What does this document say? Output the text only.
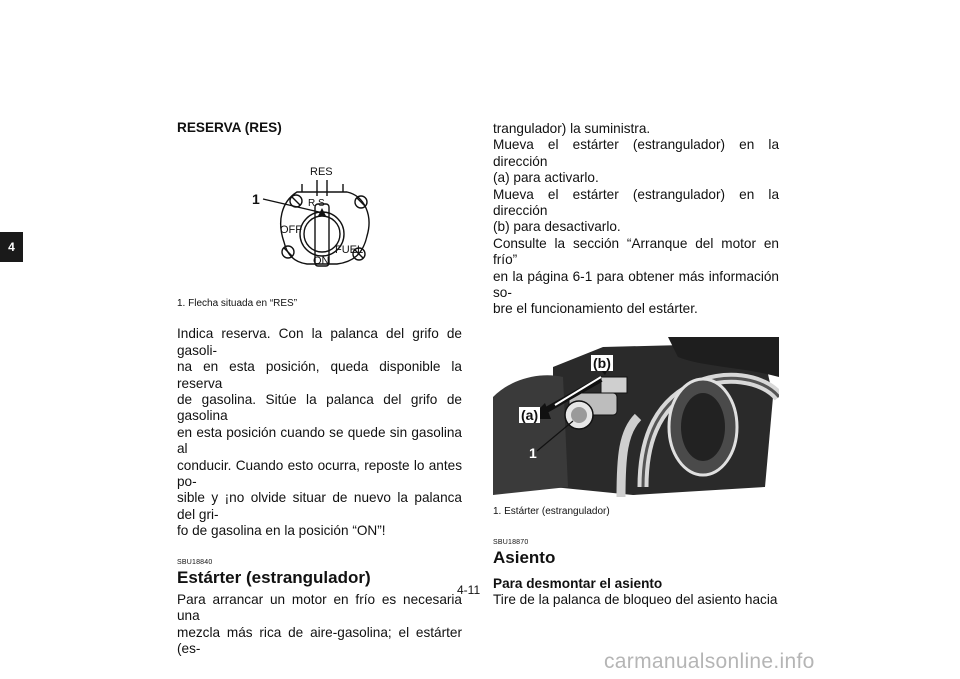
4
RESERVA (RES)
RES
R S
OFF
FUEL
ON
1
1. Flecha situada en “RES”
Indica reserva. Con la palanca del grifo de gasoli-
na en esta posición, queda disponible la reserva
de gasolina. Sitúe la palanca del grifo de gasolina
en esta posición cuando se quede sin gasolina al
conducir. Cuando esto ocurra, reposte lo antes po-
sible y ¡no olvide situar de nuevo la palanca del gri-
fo de gasolina en la posición “ON”!
SBU18840
Estárter (estrangulador)
Para arrancar un motor en frío es necesaria una
mezcla más rica de aire-gasolina; el estárter (es-
trangulador) la suministra.
Mueva el estárter (estrangulador) en la dirección
(a) para activarlo.
Mueva el estárter (estrangulador) en la dirección
(b) para desactivarlo.
Consulte la sección “Arranque del motor en frío”
en la página 6-1 para obtener más información so-
bre el funcionamiento del estárter.
(b)
(a)
1
1. Estárter (estrangulador)
SBU18870
Asiento
Para desmontar el asiento
Tire de la palanca de bloqueo del asiento hacia
4-11
carmanualsonline.info
